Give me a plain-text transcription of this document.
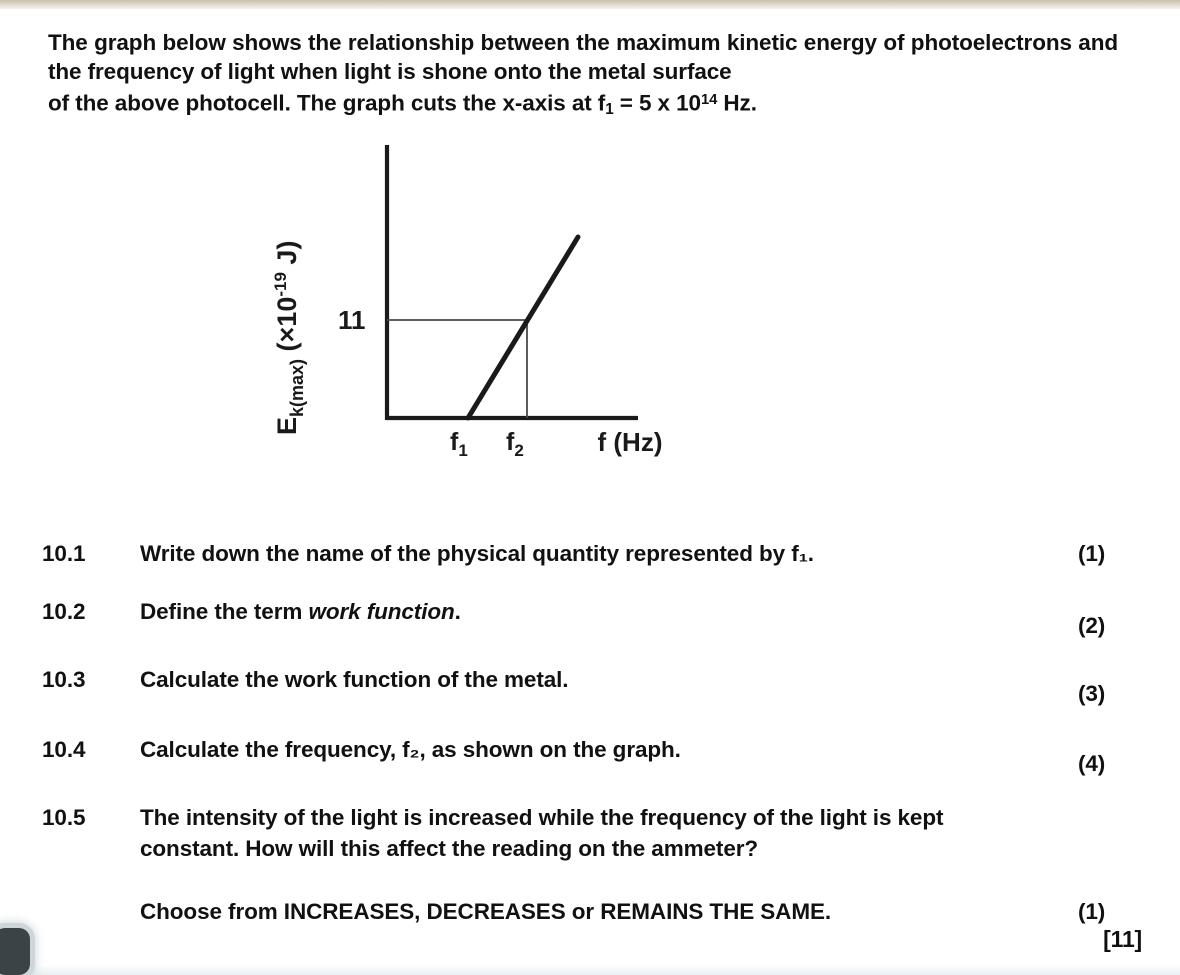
The graph below shows the relationship between the maximum kinetic energy of photoelectrons and the frequency of light when light is shone onto the metal surface
of the above photocell. The graph cuts the x-axis at $f_1 = 5$ x $10^{14}$ Hz.
$E_{k(max)}$ ($\times 10^{-19}$ J)
11
$f_1$ $f_2$	f (Hz)
10.1	Write down the name of the physical quantity represented by f₁.	(1)
10.2	Define the term work function.
(2)
10.3	Calculate the work function of the metal.
(3)
10.4	Calculate the frequency, f₂, as shown on the graph.
(4)
10.5	The intensity of the light is increased while the frequency of the light is kept
constant. How will this affect the reading on the ammeter?
Choose from INCREASES, DECREASES or REMAINS THE SAME.	(1)
[11]
